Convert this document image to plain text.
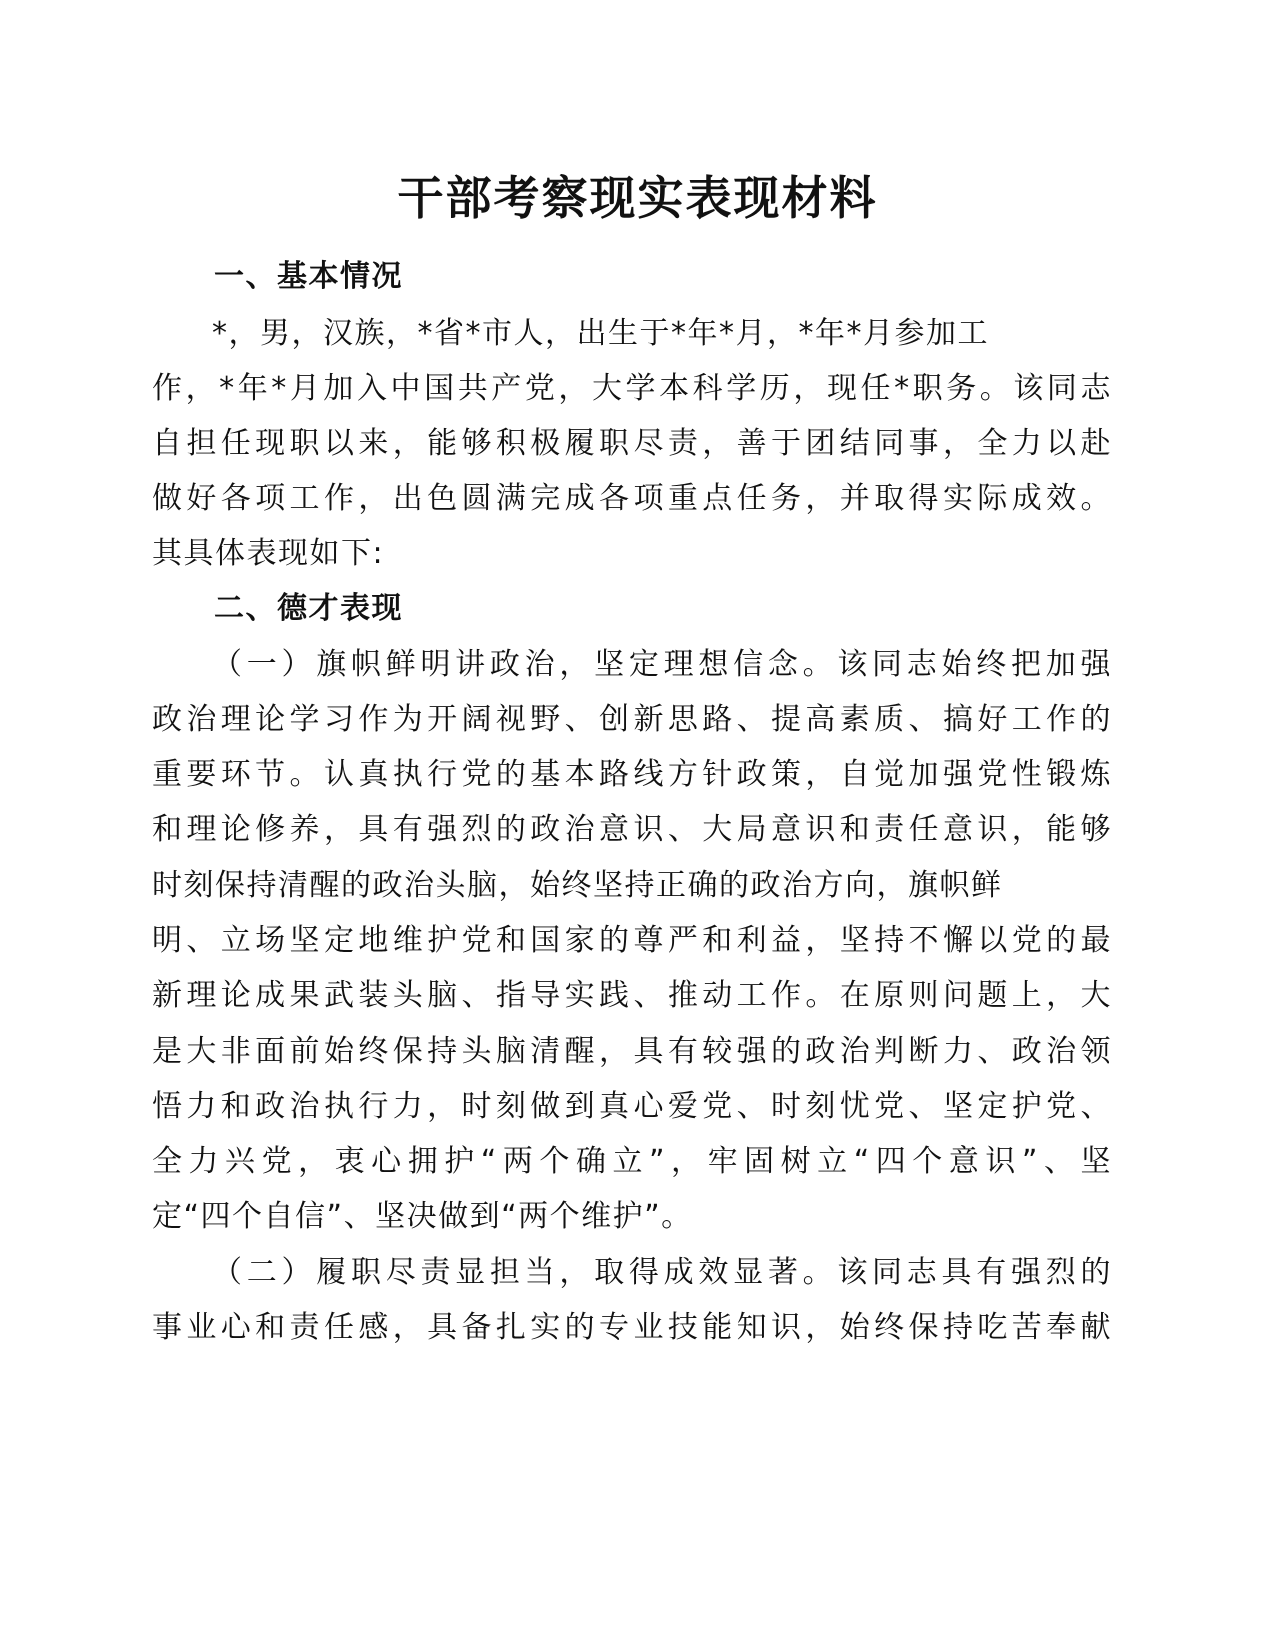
干部考察现实表现材料
一、基本情况
*，男，汉族，*省*市人，出生于*年*月，*年*月参加工
作，*年*月加入中国共产党，大学本科学历，现任*职务。该同志
自担任现职以来，能够积极履职尽责，善于团结同事，全力以赴
做好各项工作，出色圆满完成各项重点任务，并取得实际成效。
其具体表现如下:
二、德才表现
（一）旗帜鲜明讲政治，坚定理想信念。该同志始终把加强
政治理论学习作为开阔视野、创新思路、提高素质、搞好工作的
重要环节。认真执行党的基本路线方针政策，自觉加强党性锻炼
和理论修养，具有强烈的政治意识、大局意识和责任意识，能够
时刻保持清醒的政治头脑，始终坚持正确的政治方向，旗帜鲜
明、立场坚定地维护党和国家的尊严和利益，坚持不懈以党的最
新理论成果武装头脑、指导实践、推动工作。在原则问题上，大
是大非面前始终保持头脑清醒，具有较强的政治判断力、政治领
悟力和政治执行力，时刻做到真心爱党、时刻忧党、坚定护党、
全力兴党，衷心拥护“两个确立”，牢固树立“四个意识”、坚
定“四个自信”、坚决做到“两个维护”。
（二）履职尽责显担当，取得成效显著。该同志具有强烈的
事业心和责任感，具备扎实的专业技能知识，始终保持吃苦奉献
